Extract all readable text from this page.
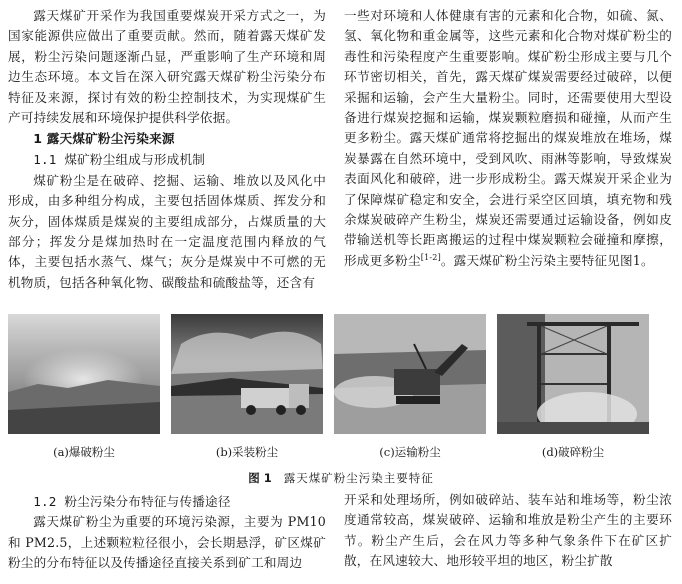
露天煤矿开采作为我国重要煤炭开采方式之一，为国家能源供应做出了重要贡献。然而，随着露天煤矿发展，粉尘污染问题逐渐凸显，严重影响了生产环境和周边生态环境。本文旨在深入研究露天煤矿粉尘污染分布特征及来源，探讨有效的粉尘控制技术，为实现煤矿生产可持续发展和环境保护提供科学依据。

1 露天煤矿粉尘污染来源
1.1 煤矿粉尘组成与形成机制

煤矿粉尘是在破碎、挖掘、运输、堆放以及风化中形成，由多种组分构成，主要包括固体煤质、挥发分和灰分，固体煤质是煤炭的主要组成部分，占煤质量的大部分；挥发分是煤加热时在一定温度范围内释放的气体，主要包括水蒸气、煤气；灰分是煤炭中不可燃的无机物质，包括各种氧化物、碳酸盐和硫酸盐等，还含有

一些对环境和人体健康有害的元素和化合物，如硫、氮、氢、氧化物和重金属等，这些元素和化合物对煤矿粉尘的毒性和污染程度产生重要影响。煤矿粉尘形成主要与几个环节密切相关，首先，露天煤矿煤炭需要经过破碎，以便采掘和运输，会产生大量粉尘。同时，还需要使用大型设备进行煤炭挖掘和运输，煤炭颗粒磨损和碰撞，从而产生更多粉尘。露天煤矿通常将挖掘出的煤炭堆放在堆场，煤炭暴露在自然环境中，受到风吹、雨淋等影响，导致煤炭表面风化和破碎，进一步形成粉尘。露天煤炭开采企业为了保障煤矿稳定和安全，会进行采空区回填，填充物和残余煤炭破碎产生粉尘，煤炭还需要通过运输设备，例如皮带输送机等长距离搬运的过程中煤炭颗粒会碰撞和摩擦，形成更多粉尘[1-2]。露天煤矿粉尘污染主要特征见图1。

(a)爆破粉尘	(b)采装粉尘	(c)运输粉尘	(d)破碎粉尘
图 1 露天煤矿粉尘污染主要特征
1.2 粉尘污染分布特征与传播途径

露天煤矿粉尘为重要的环境污染源，主要为 PM10 和 PM2.5，上述颗粒粒径很小，会长期悬浮，矿区煤矿粉尘的分布特征以及传播途径直接关系到矿工和周边

开采和处理场所，例如破碎站、装车站和堆场等，粉尘浓度通常较高，煤炭破碎、运输和堆放是粉尘产生的主要环节。粉尘产生后，会在风力等多种气象条件下在矿区扩散，在风速较大、地形较平坦的地区，粉尘扩散
